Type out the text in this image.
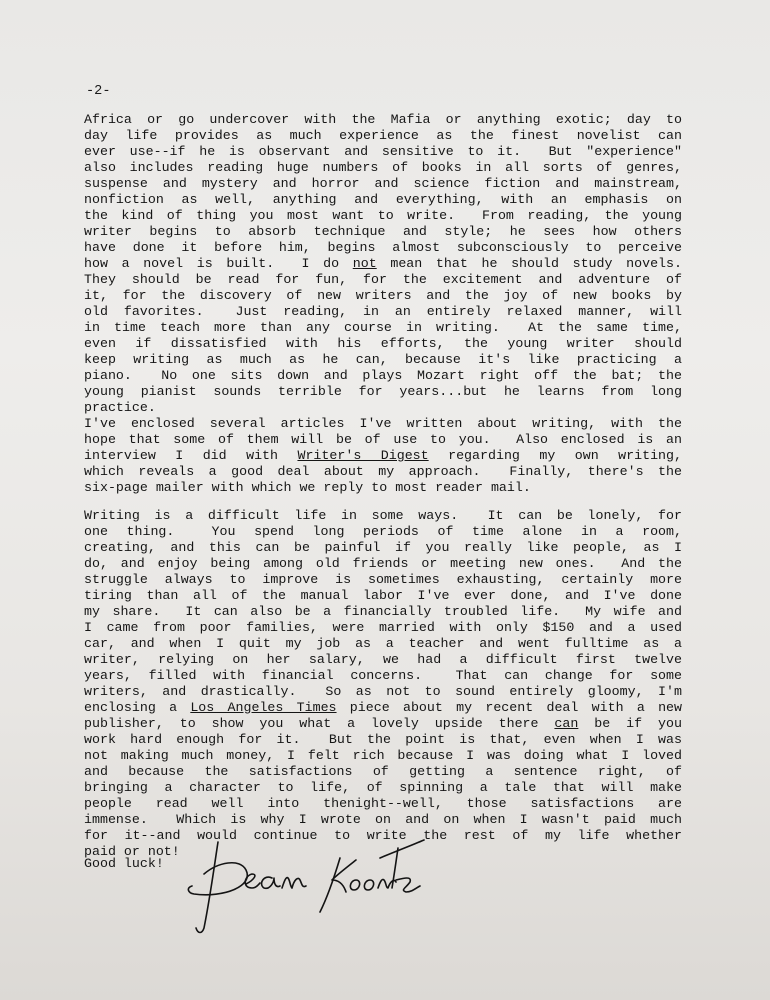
-2-

Africa or go undercover with the Mafia or anything exotic; day to
day life provides as much experience as the finest novelist can
ever use--if he is observant and sensitive to it.  But "experience"
also includes reading huge numbers of books in all sorts of genres,
suspense and mystery and horror and science fiction and mainstream,
nonfiction as well, anything and everything, with an emphasis on
the kind of thing you most want to write.  From reading, the young
writer begins to absorb technique and style; he sees how others
have done it before him, begins almost subconsciously to perceive
how a novel is built.  I do not mean that he should study novels.
They should be read for fun, for the excitement and adventure of
it, for the discovery of new writers and the joy of new books by
old favorites.  Just reading, in an entirely relaxed manner, will
in time teach more than any course in writing.  At the same time,
even if dissatisfied with his efforts, the young writer should
keep writing as much as he can, because it's like practicing a
piano.  No one sits down and plays Mozart right off the bat; the
young pianist sounds terrible for years...but he learns from long
practice.
I've enclosed several articles I've written about writing, with the
hope that some of them will be of use to you.  Also enclosed is an
interview I did with Writer's Digest regarding my own writing,
which reveals a good deal about my approach.  Finally, there's the
six-page mailer with which we reply to most reader mail.
Writing is a difficult life in some ways.  It can be lonely, for
one thing.  You spend long periods of time alone in a room,
creating, and this can be painful if you really like people, as I
do, and enjoy being among old friends or meeting new ones.  And the
struggle always to improve is sometimes exhausting, certainly more
tiring than all of the manual labor I've ever done, and I've done
my share.  It can also be a financially troubled life.  My wife and
I came from poor families, were married with only $150 and a used
car, and when I quit my job as a teacher and went fulltime as a
writer, relying on her salary, we had a difficult first twelve
years, filled with financial concerns.  That can change for some
writers, and drastically.  So as not to sound entirely gloomy, I'm
enclosing a Los Angeles Times piece about my recent deal with a new
publisher, to show you what a lovely upside there can be if you
work hard enough for it.  But the point is that, even when I was
not making much money, I felt rich because I was doing what I loved
and because the satisfactions of getting a sentence right, of
bringing a character to life, of spinning a tale that will make
people read well into thenight--well, those satisfactions are
immense.  Which is why I wrote on and on when I wasn't paid much
for it--and would continue to write the rest of my life whether
paid or not!

Good luck!
